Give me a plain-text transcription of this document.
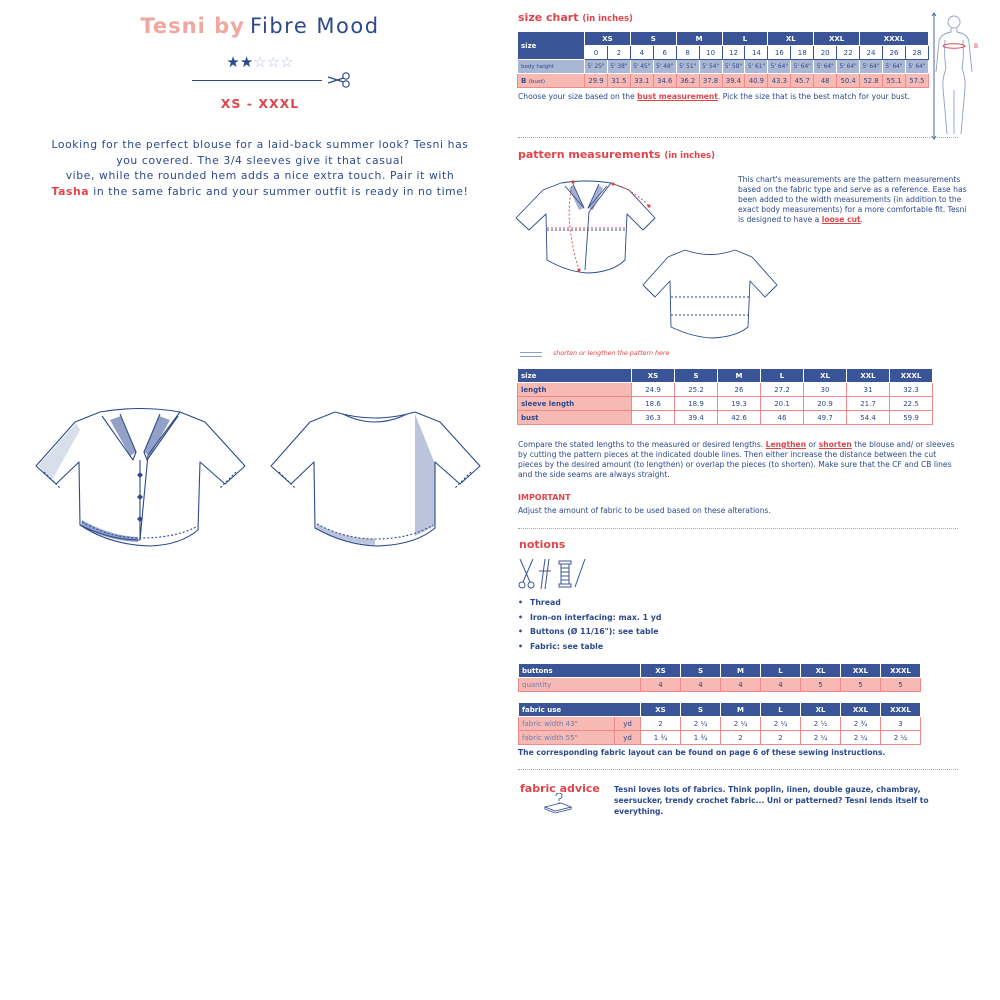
Tesni by Fibre Mood
★★☆☆☆
XS - XXXL
Looking for the perfect blouse for a laid-back summer look? Tesni has
you covered. The 3/4 sleeves give it that casual
vibe, while the rounded hem adds a nice extra touch. Pair it with
Tasha in the same fabric and your summer outfit is ready in no time!
size chart (in inches)
size	XS		S		M		L		XL		XXL		XXXL		
	0	2	4	6	8	10	12	14	16	18	20	22	24	26	28
body height	5' 25"	5' 38"	5' 45"	5' 48"	5' 51"	5' 54"	5' 58"	5' 61"	5' 64"	5' 64"	5' 64"	5' 64"	5' 64"	5' 64"	5' 64"
B (bust)	29.9	31.5	33.1	34.6	36.2	37.8	39.4	40.9	43.3	45.7	48	50.4	52.8	55.1	57.5
Choose your size based on the bust measurement. Pick the size that is the best match for your bust.
B
pattern measurements (in inches)
This chart's measurements are the pattern measurements based on the fabric type and serve as a reference. Ease has been added to the width measurements (in addition to the exact body measurements) for a more comfortable fit. Tesni is designed to have a loose cut.
shorten or lengthen the pattern here
size	XS	S	M	L	XL	XXL	XXXL
length	24.9	25.2	26	27.2	30	31	32.3
sleeve length	18.6	18.9	19.3	20.1	20.9	21.7	22.5
bust	36.3	39.4	42.6	46	49.7	54.4	59.9
Compare the stated lengths to the measured or desired lengths. Lengthen or shorten the blouse and/ or sleeves by cutting the pattern pieces at the indicated double lines. Then either increase the distance between the cut pieces by the desired amount (to lengthen) or overlap the pieces (to shorten). Make sure that the CF and CB lines and the side seams are always straight.
IMPORTANT
Adjust the amount of fabric to be used based on these alterations.
notions
• Thread
• Iron-on interfacing: max. 1 yd
• Buttons (Ø 11/16"): see table
• Fabric: see table
buttons	XS	S	M	L	XL	XXL	XXXL
quantity	4	4	4	4	5	5	5
fabric use		XS	S	M	L	XL	XXL	XXXL
fabric width 43"	yd	2	2 ¼	2 ¼	2 ¼	2 ½	2 ¾	3
fabric width 55"	yd	1 ¾	1 ¾	2	2	2 ¼	2 ¼	2 ½
The corresponding fabric layout can be found on page 6 of these sewing instructions.
fabric advice Tesni loves lots of fabrics. Think poplin, linen, double gauze, chambray, seersucker, trendy crochet fabric... Uni or patterned? Tesni lends itself to everything.
